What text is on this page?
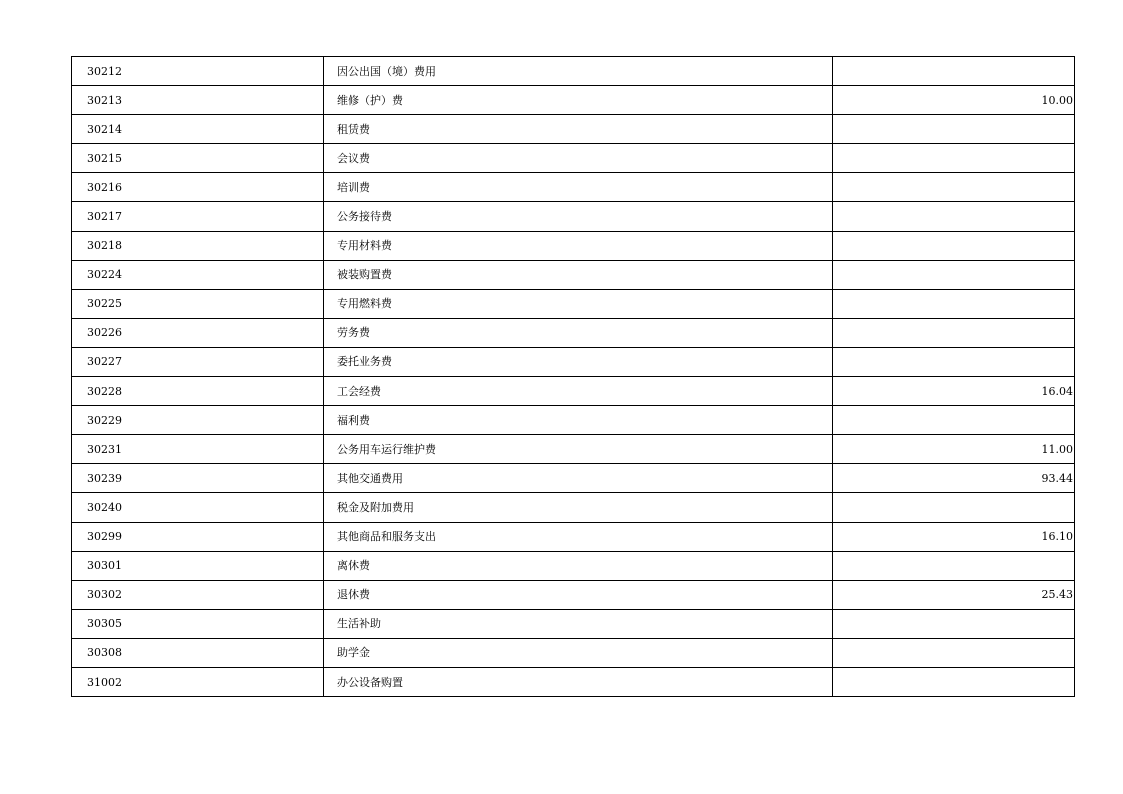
30212	因公出国（境）费用	
30213	维修（护）费	10.00
30214	租赁费	
30215	会议费	
30216	培训费	
30217	公务接待费	
30218	专用材料费	
30224	被装购置费	
30225	专用燃料费	
30226	劳务费	
30227	委托业务费	
30228	工会经费	16.04
30229	福利费	
30231	公务用车运行维护费	11.00
30239	其他交通费用	93.44
30240	税金及附加费用	
30299	其他商品和服务支出	16.10
30301	离休费	
30302	退休费	25.43
30305	生活补助	
30308	助学金	
31002	办公设备购置	
